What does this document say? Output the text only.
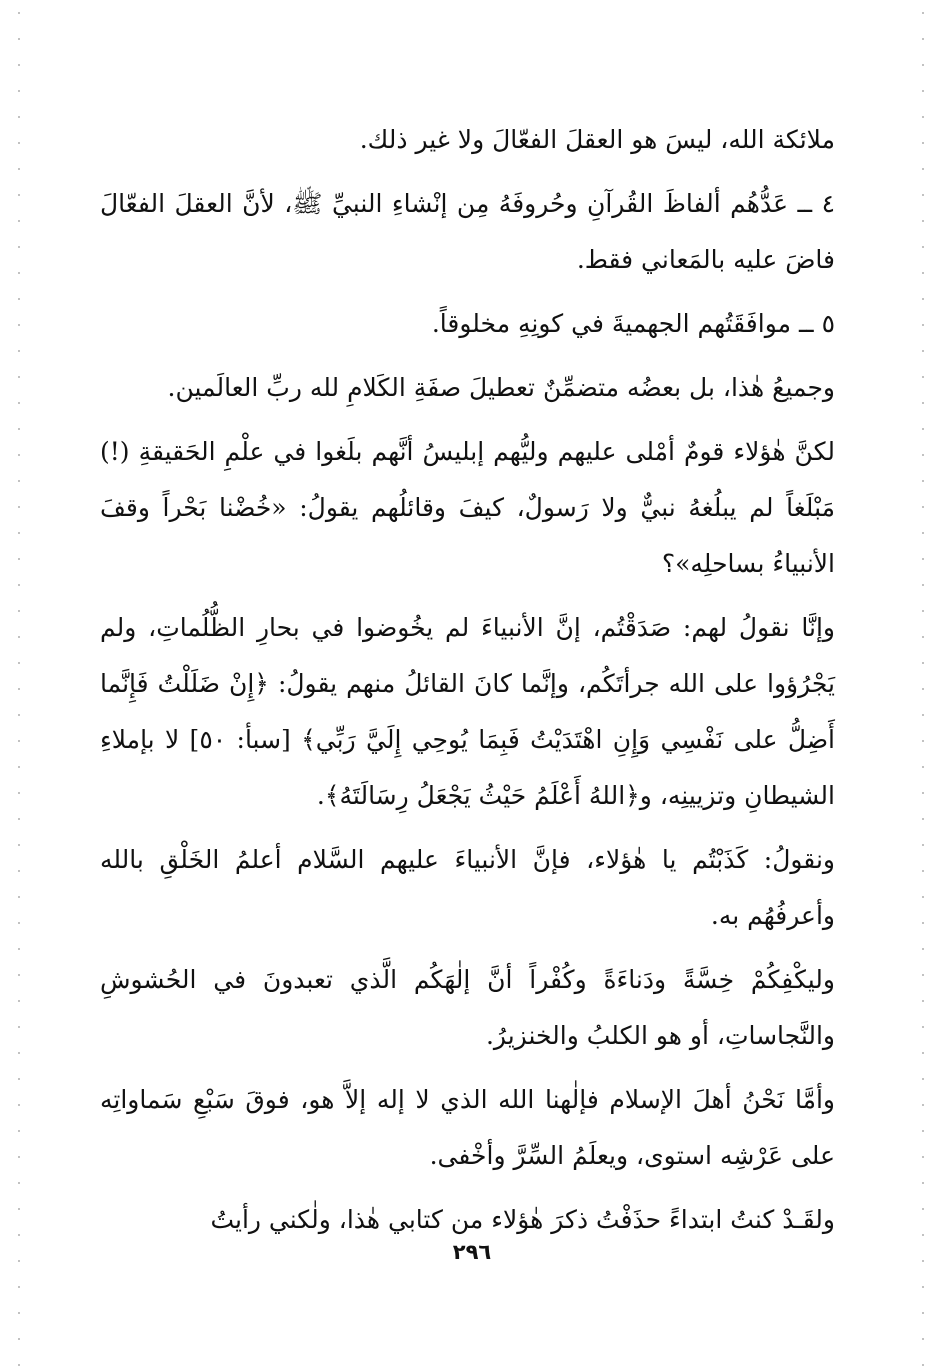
ملائكة الله، ليسَ هو العقلَ الفعّالَ ولا غير ذلك.

٤ ــ عَدُّهُم ألفاظَ القُرآنِ وحُروفَهُ مِن إنْشاءِ النبيِّ ﷺ، لأنَّ العقلَ الفعّالَ فاضَ عليه بالمَعاني فقط.

٥ ــ موافَقَتُهم الجهميةَ في كونِهِ مخلوقاً.

وجميعُ هٰذا، بل بعضُه متضمِّنٌ تعطيلَ صفَةِ الكَلامِ لله ربِّ العالَمين.

لكنَّ هٰؤلاء قومٌ أمْلى عليهم وليُّهم إبليسُ أنَّهم بلَغوا في علْمِ الحَقيقةِ (!) مَبْلَغاً لم يبلُغهُ نبيٌّ ولا رَسولٌ، كيفَ وقائلُهم يقولُ: «خُضْنا بَحْراً وقفَ الأنبياءُ بساحلِه»؟

وإنَّا نقولُ لهم: صَدَقْتُم، إنَّ الأنبياءَ لم يخُوضوا في بحارِ الظُّلُماتِ، ولم يَجْرُؤوا على الله جرأتَكُم، وإنَّما كانَ القائلُ منهم يقولُ: ﴿إِنْ ضَلَلْتُ فَإِنَّما أَضِلُّ على نَفْسِي وَإِنِ اهْتَدَيْتُ فَبِمَا يُوحِي إِلَيَّ رَبِّي﴾ [سبأ: ٥٠] لا بإملاءِ الشيطانِ وتزيينِه، و﴿اللهُ أَعْلَمُ حَيْثُ يَجْعَلُ رِسَالَتَهُ﴾.

ونقولُ: كَذَبْتُم يا هٰؤلاء، فإنَّ الأنبياءَ عليهم السَّلام أعلمُ الخَلْقِ بالله وأعرفُهُم به.

وليكْفِكُمْ خِسَّةً ودَناءَةً وكُفْراً أنَّ إلٰهَكُم الَّذي تعبدونَ في الحُشوشِ والنَّجاساتِ، أو هو الكلبُ والخنزيرُ.

وأمَّا نَحْنُ أهلَ الإسلام فإلٰهنا الله الذي لا إله إلاَّ هو، فوقَ سَبْعِ سَماواتِه على عَرْشِه استوى، ويعلَمُ السِّرَّ وأخْفى.

ولقَـدْ كنتُ ابتداءً حذَفْتُ ذكرَ هٰؤلاء من كتابي هٰذا، ولٰكني رأيتُ

٢٩٦
